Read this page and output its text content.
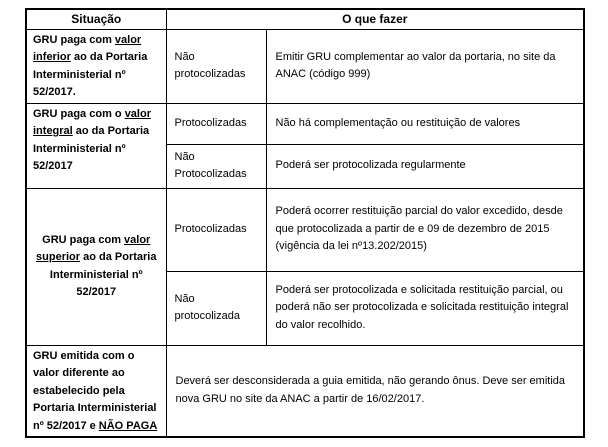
Situação	O que fazer	
GRU paga com valor inferior ao da Portaria Interministerial nº 52/2017.	Não protocolizadas	Emitir GRU complementar ao valor da portaria, no site da ANAC (código 999)
GRU paga com o valor integral ao da Portaria Interministerial nº 52/2017	Protocolizadas	Não há complementação ou restituição de valores
	Não Protocolizadas	Poderá ser protocolizada regularmente
GRU paga com valor superior ao da Portaria Interministerial nº 52/2017	Protocolizadas	Poderá ocorrer restituição parcial do valor excedido, desde que protocolizada a partir de e 09 de dezembro de 2015 (vigência da lei nº13.202/2015)
	Não protocolizada	Poderá ser protocolizada e solicitada restituição parcial, ou poderá não ser protocolizada e solicitada restituição integral do valor recolhido.
GRU emitida com o valor diferente ao estabelecido pela Portaria Interministerial nº 52/2017 e NÃO PAGA	Deverá ser desconsiderada a guia emitida, não gerando ônus. Deve ser emitida nova GRU no site da ANAC a partir de 16/02/2017.	
